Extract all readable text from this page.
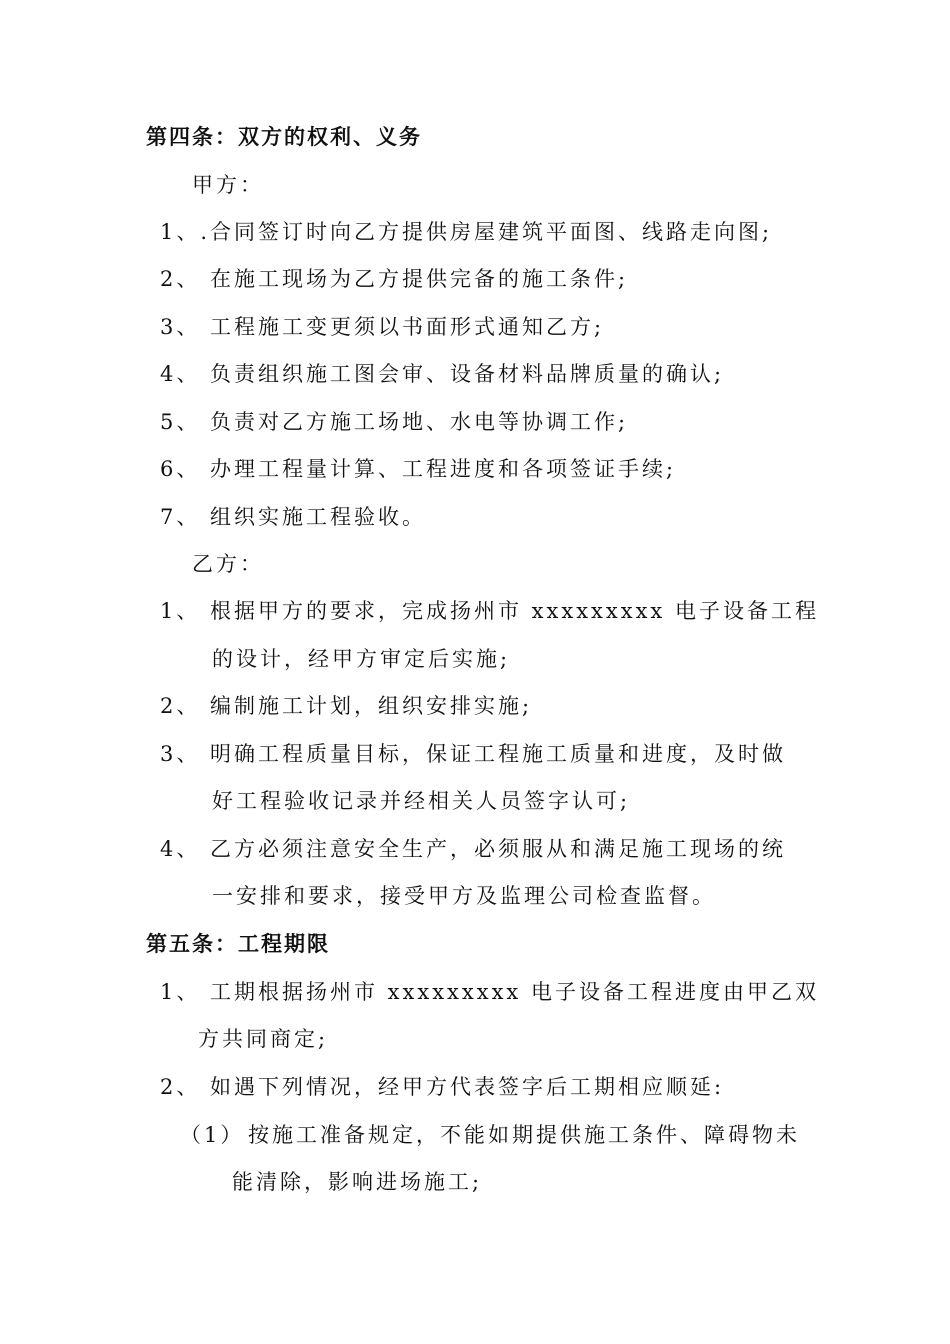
第四条：双方的权利、义务
甲方：
1、.合同签订时向乙方提供房屋建筑平面图、线路走向图;
2、 在施工现场为乙方提供完备的施工条件;
3、 工程施工变更须以书面形式通知乙方;
4、 负责组织施工图会审、设备材料品牌质量的确认;
5、 负责对乙方施工场地、水电等协调工作;
6、 办理工程量计算、工程进度和各项签证手续;
7、 组织实施工程验收。
乙方：
1、 根据甲方的要求，完成扬州市 xxxxxxxxx 电子设备工程
的设计，经甲方审定后实施;
2、 编制施工计划，组织安排实施;
3、 明确工程质量目标，保证工程施工质量和进度，及时做
好工程验收记录并经相关人员签字认可;
4、 乙方必须注意安全生产，必须服从和满足施工现场的统
一安排和要求，接受甲方及监理公司检查监督。
第五条：工程期限
1、 工期根据扬州市 xxxxxxxxx 电子设备工程进度由甲乙双
方共同商定;
2、 如遇下列情况，经甲方代表签字后工期相应顺延:
（1） 按施工准备规定，不能如期提供施工条件、障碍物未
能清除，影响进场施工;
